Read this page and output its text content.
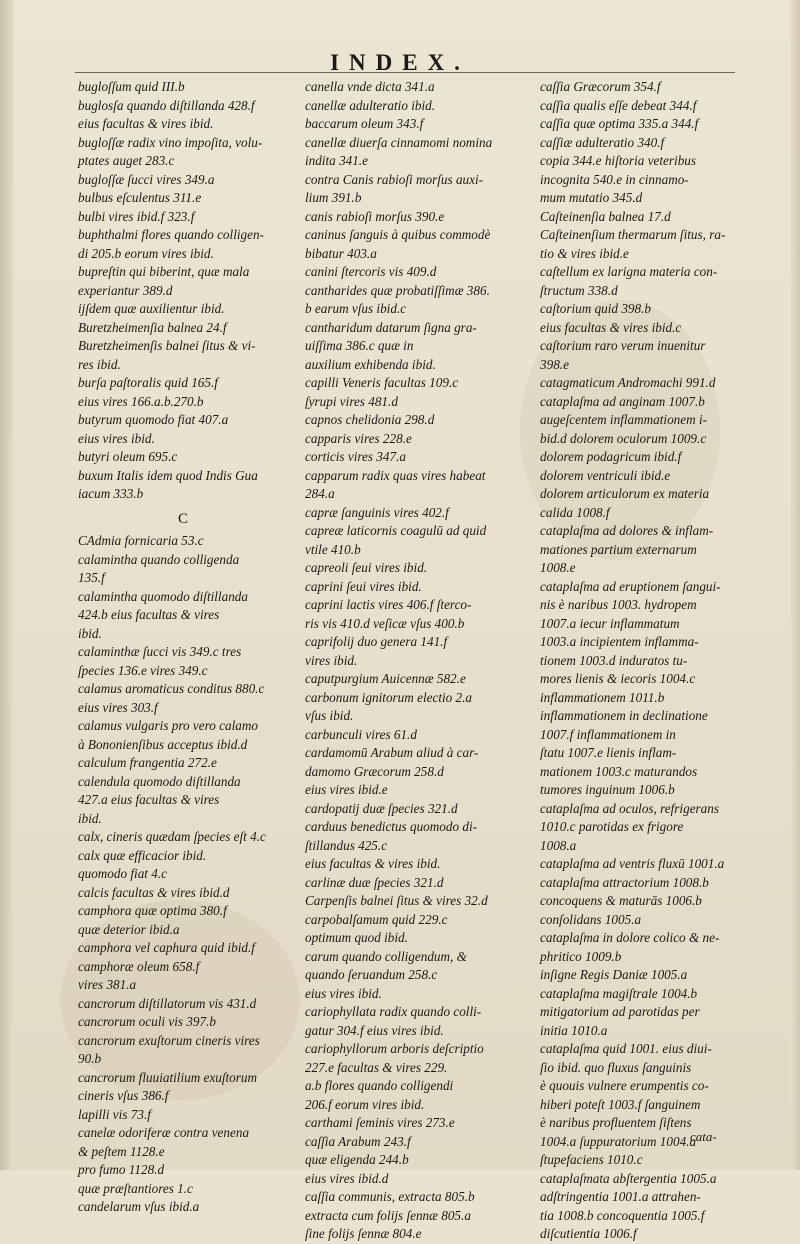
INDEX.
bugloſſum quid III.b
buglosſa quando diſtillanda 428.f
eius facultas & vires ibid.
bugloſſæ radix vino impoſita, volu-
ptates auget 283.c
bugloſſæ ſucci vires 349.a
bulbus eſculentus 311.e
bulbi vires ibid.f 323.f
buphthalmi flores quando colligen-
di 205.b eorum vires ibid.
bupreſtin qui biberint, quæ mala
experiantur 389.d
ijſdem quæ auxilientur ibid.
Buretzheimenſia balnea 24.f
Buretzheimenſis balnei ſitus & vi-
res ibid.
burſa paſtoralis quid 165.f
eius vires 166.a.b.270.b
butyrum quomodo fiat 407.a
eius vires ibid.
butyri oleum 695.c
buxum Italis idem quod Indis Gua
iacum 333.b
C
CAdmia fornicaria 53.c
calamintha quando colligenda
135.f
calamintha quomodo diſtillanda
424.b eius facultas & vires
ibid.
calaminthæ ſucci vis 349.c tres
ſpecies 136.e vires 349.c
calamus aromaticus conditus 880.c
eius vires 303.f
calamus vulgaris pro vero calamo
à Bononienſibus acceptus ibid.d
calculum frangentia 272.e
calendula quomodo diſtillanda
427.a eius facultas & vires
ibid.
calx, cineris quædam ſpecies eſt 4.c
calx quæ efficacior ibid.
quomodo fiat 4.c
calcis facultas & vires ibid.d
camphora quæ optima 380.f
quæ deterior ibid.a
camphora vel caphura quid ibid.f
camphoræ oleum 658.f
vires 381.a
cancrorum diſtillatorum vis 431.d
cancrorum oculi vis 397.b
cancrorum exuſtorum cineris vires
90.b
cancrorum fluuiatilium exuſtorum
cineris vſus 386.f
lapilli vis 73.f
canelæ odoriferæ contra venena
& peſtem 1128.e
pro fumo 1128.d
quæ præſtantiores 1.c
candelarum vſus ibid.a
canella vnde dicta 341.a
canellæ adulteratio ibid.
baccarum oleum 343.f
canellæ diuerſa cinnamomi nomina
indita 341.e
contra Canis rabioſi morſus auxi-
lium 391.b
canis rabioſi morſus 390.e
caninus ſanguis à quibus commodè
bibatur 403.a
canini ſtercoris vis 409.d
cantharides quæ probatiſſimæ 386.
b earum vſus ibid.c
cantharidum datarum ſigna gra-
uiſſima 386.c quæ in
auxilium exhibenda ibid.
capilli Veneris facultas 109.c
ſyrupi vires 481.d
capnos chelidonia 298.d
capparis vires 228.e
corticis vires 347.a
capparum radix quas vires habeat
284.a
capræ ſanguinis vires 402.f
capreæ laticornis coagulū ad quid
vtile 410.b
capreoli ſeui vires ibid.
caprini ſeui vires ibid.
caprini lactis vires 406.f ſterco-
ris vis 410.d veſicæ vſus 400.b
caprifolij duo genera 141.f
vires ibid.
caputpurgium Auicennæ 582.e
carbonum ignitorum electio 2.a
vſus ibid.
carbunculi vires 61.d
cardamomū Arabum aliud à car-
damomo Græcorum 258.d
eius vires ibid.e
cardopatij duæ ſpecies 321.d
carduus benedictus quomodo di-
ſtillandus 425.c
eius facultas & vires ibid.
carlinæ duæ ſpecies 321.d
Carpenſis balnei ſitus & vires 32.d
carpobalſamum quid 229.c
optimum quod ibid.
carum quando colligendum, &
quando ſeruandum 258.c
eius vires ibid.
cariophyllata radix quando colli-
gatur 304.f eius vires ibid.
cariophyllorum arboris deſcriptio
227.e facultas & vires 229.
a.b flores quando colligendi
206.f eorum vires ibid.
carthami ſeminis vires 273.e
caſſia Arabum 243.f
quæ eligenda 244.b
eius vires ibid.d
caſſia communis, extracta 805.b
extracta cum folijs ſennæ 805.a
ſine folijs ſennæ 804.e
caſſia Græcorum 354.f
caſſia qualis eſſe debeat 344.f
caſſia quæ optima 335.a 344.f
caſſiæ adulteratio 340.f
copia 344.e hiſtoria veteribus
incognita 540.e in cinnamo-
mum mutatio 345.d
Caſteinenſia balnea 17.d
Caſteinenſium thermarum ſitus, ra-
tio & vires ibid.e
caſtellum ex larigna materia con-
ſtructum 338.d
caſtorium quid 398.b
eius facultas & vires ibid.c
caſtorium raro verum inuenitur
398.e
catagmaticum Andromachi 991.d
cataplaſma ad anginam 1007.b
augeſcentem inflammationem i-
bid.d dolorem oculorum 1009.c
dolorem podagricum ibid.f
dolorem ventriculi ibid.e
dolorem articulorum ex materia
calida 1008.f
cataplaſma ad dolores & inflam-
mationes partium externarum
1008.e
cataplaſma ad eruptionem ſangui-
nis è naribus 1003. hydropem
1007.a iecur inflammatum
1003.a incipientem inflamma-
tionem 1003.d induratos tu-
mores lienis & iecoris 1004.c
inflammationem 1011.b
inflammationem in declinatione
1007.f inflammationem in
ſtatu 1007.e lienis inflam-
mationem 1003.c maturandos
tumores inguinum 1006.b
cataplaſma ad oculos, refrigerans
1010.c parotidas ex frigore
1008.a
cataplaſma ad ventris fluxū 1001.a
cataplaſma attractorium 1008.b
concoquens & maturās 1006.b
conſolidans 1005.a
cataplaſma in dolore colico & ne-
phritico 1009.b
inſigne Regis Daniæ 1005.a
cataplaſma magiſtrale 1004.b
mitigatorium ad parotidas per
initia 1010.a
cataplaſma quid 1001. eius diui-
ſio ibid. quo fluxus ſanguinis
è quouis vulnere erumpentis co-
hiberi poteſt 1003.f ſanguinem
è naribus profluentem ſiſtens
1004.a ſuppuratorium 1004.a
ſtupefaciens 1010.c
cataplaſmata abſtergentia 1005.a
adſtringentia 1001.a attrahen-
tia 1008.b concoquentia 1005.f
diſcutientia 1006.f
cata-
